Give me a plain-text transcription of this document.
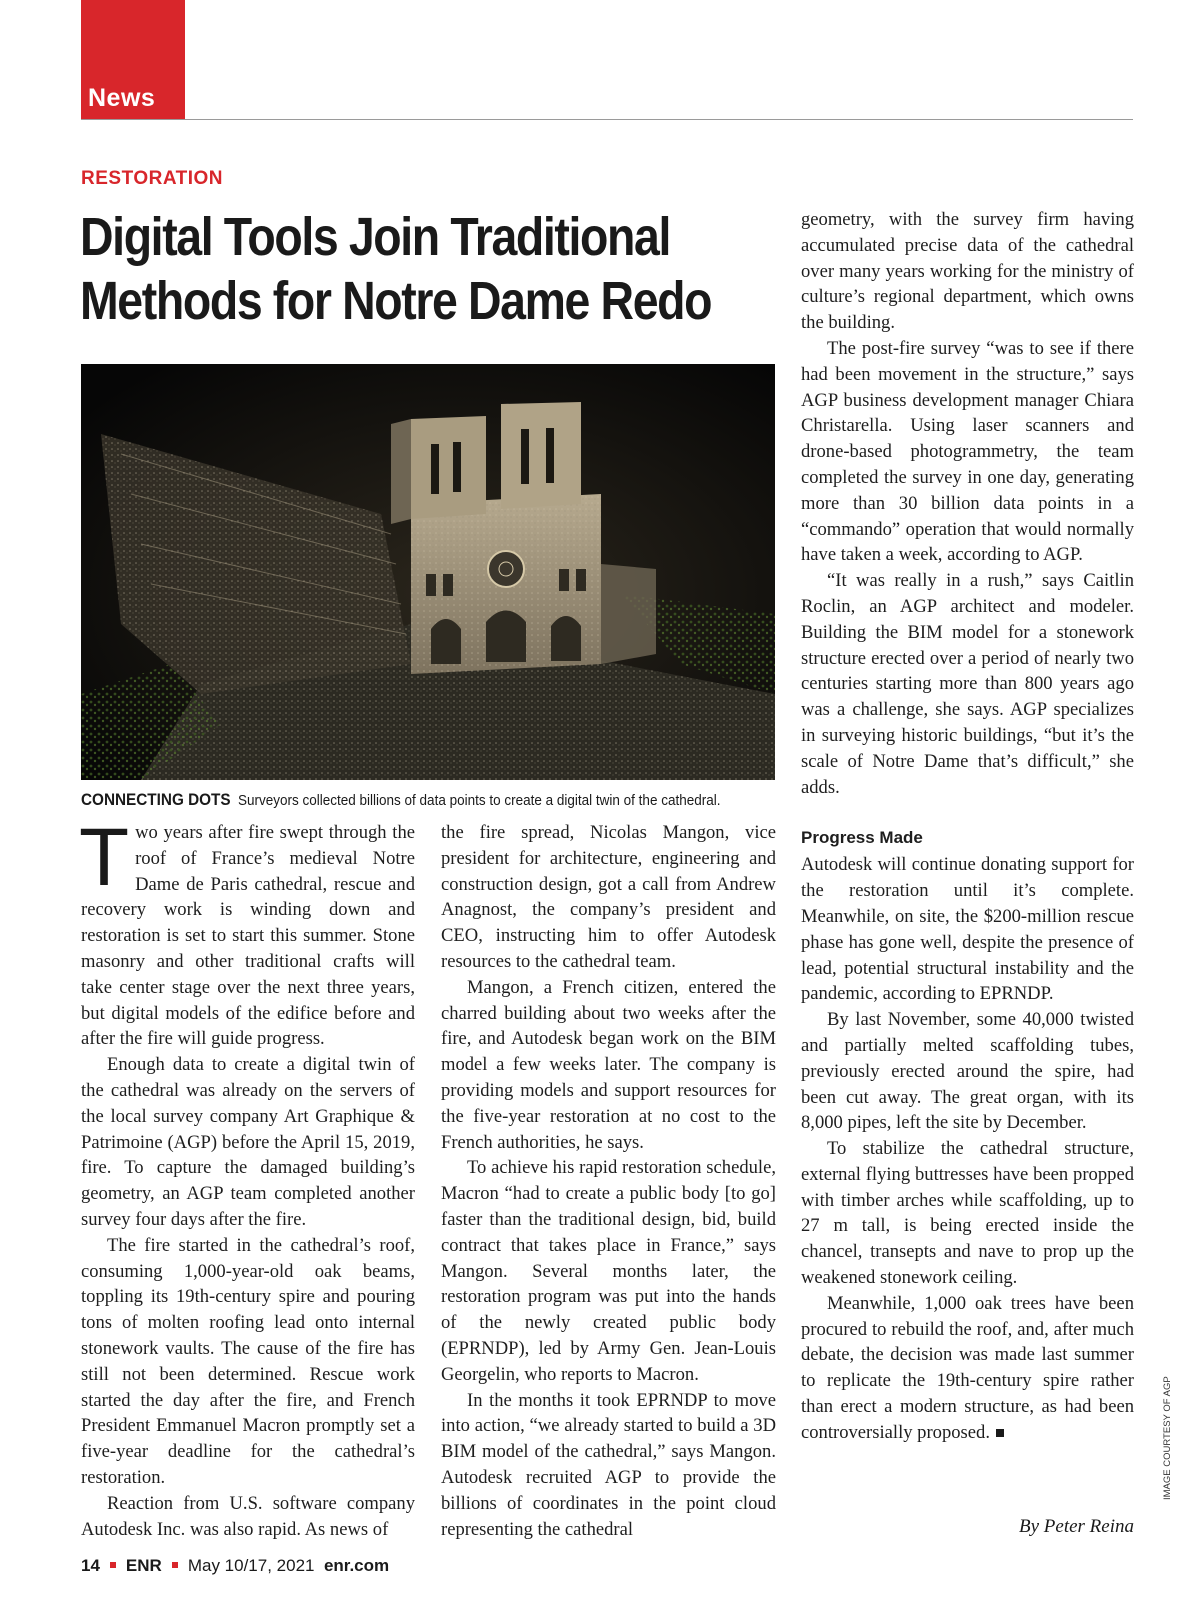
News
RESTORATION
Digital Tools Join Traditional
Methods for Notre Dame Redo
CONNECTING DOTS Surveyors collected billions of data points to create a digital twin of the cathedral.
T wo years after fire swept through the roof of France’s medieval Notre Dame de Paris cathedral, rescue and recovery work is winding down and restoration is set to start this summer. Stone masonry and other traditional crafts will take center stage over the next three years, but digital models of the edifice before and after the fire will guide progress.

Enough data to create a digital twin of the cathedral was already on the servers of the local survey company Art Graphique & Patrimoine (AGP) before the April 15, 2019, fire. To capture the damaged building’s geometry, an AGP team completed another survey four days after the fire.

The fire started in the cathedral’s roof, consuming 1,000-year-old oak beams, toppling its 19th-century spire and pouring tons of molten roofing lead onto internal stonework vaults. The cause of the fire has still not been determined. Rescue work started the day after the fire, and French President Emmanuel Macron promptly set a five-year deadline for the cathedral’s restoration.

Reaction from U.S. software company Autodesk Inc. was also rapid. As news of

the fire spread, Nicolas Mangon, vice president for architecture, engineering and construction design, got a call from Andrew Anagnost, the company’s president and CEO, instructing him to offer Autodesk resources to the cathedral team.

Mangon, a French citizen, entered the charred building about two weeks after the fire, and Autodesk began work on the BIM model a few weeks later. The company is providing models and support resources for the five-year restoration at no cost to the French authorities, he says.

To achieve his rapid restoration schedule, Macron “had to create a public body [to go] faster than the traditional design, bid, build contract that takes place in France,” says Mangon. Several months later, the restoration program was put into the hands of the newly created public body (EPRNDP), led by Army Gen. Jean-Louis Georgelin, who reports to Macron.

In the months it took EPRNDP to move into action, “we already started to build a 3D BIM model of the cathedral,” says Mangon. Autodesk recruited AGP to provide the billions of coordinates in the point cloud representing the cathedral

geometry, with the survey firm having accumulated precise data of the cathedral over many years working for the ministry of culture’s regional department, which owns the building.

The post-fire survey “was to see if there had been movement in the structure,” says AGP business development manager Chiara Christarella. Using laser scanners and drone-based photogrammetry, the team completed the survey in one day, generating more than 30 billion data points in a “commando” operation that would normally have taken a week, according to AGP.

“It was really in a rush,” says Caitlin Roclin, an AGP architect and modeler. Building the BIM model for a stonework structure erected over a period of nearly two centuries starting more than 800 years ago was a challenge, she says. AGP specializes in surveying historic buildings, “but it’s the scale of Notre Dame that’s difficult,” she adds.

Progress Made

Autodesk will continue donating support for the restoration until it’s complete. Meanwhile, on site, the $200-million rescue phase has gone well, despite the presence of lead, potential structural instability and the pandemic, according to EPRNDP.

By last November, some 40,000 twisted and partially melted scaffolding tubes, previously erected around the spire, had been cut away. The great organ, with its 8,000 pipes, left the site by December.

To stabilize the cathedral structure, external flying buttresses have been propped with timber arches while scaffolding, up to 27 m tall, is being erected inside the chancel, transepts and nave to prop up the weakened stonework ceiling.

Meanwhile, 1,000 oak trees have been procured to rebuild the roof, and, after much debate, the decision was made last summer to replicate the 19th-century spire rather than erect a modern structure, as had been controversially proposed.

By Peter Reina
IMAGE COURTESY OF AGP
14 ENR May 10/17, 2021 enr.com
